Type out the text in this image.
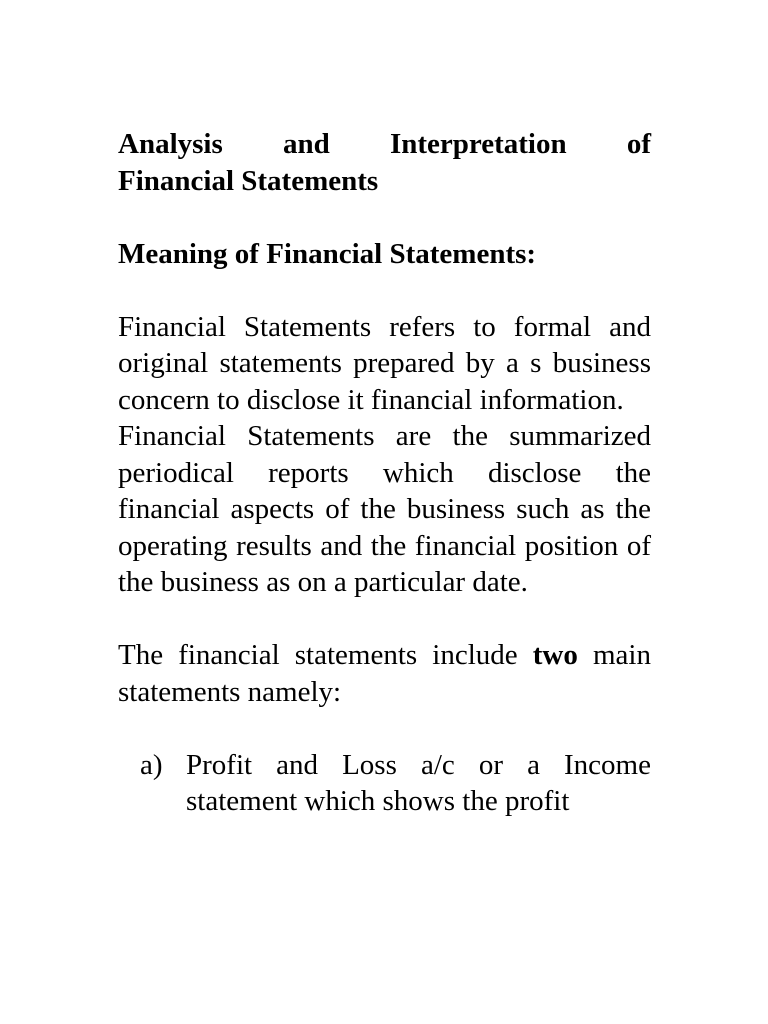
Analysis and Interpretation of
Financial Statements

Meaning of Financial Statements:

Financial Statements refers to formal and original statements prepared by a s business concern to disclose it financial information.

Financial Statements are the summarized periodical reports which disclose the financial aspects of the business such as the operating results and the financial position of the business as on a particular date.

The financial statements include two main statements namely:

a) Profit and Loss a/c or a Income statement which shows the profit
